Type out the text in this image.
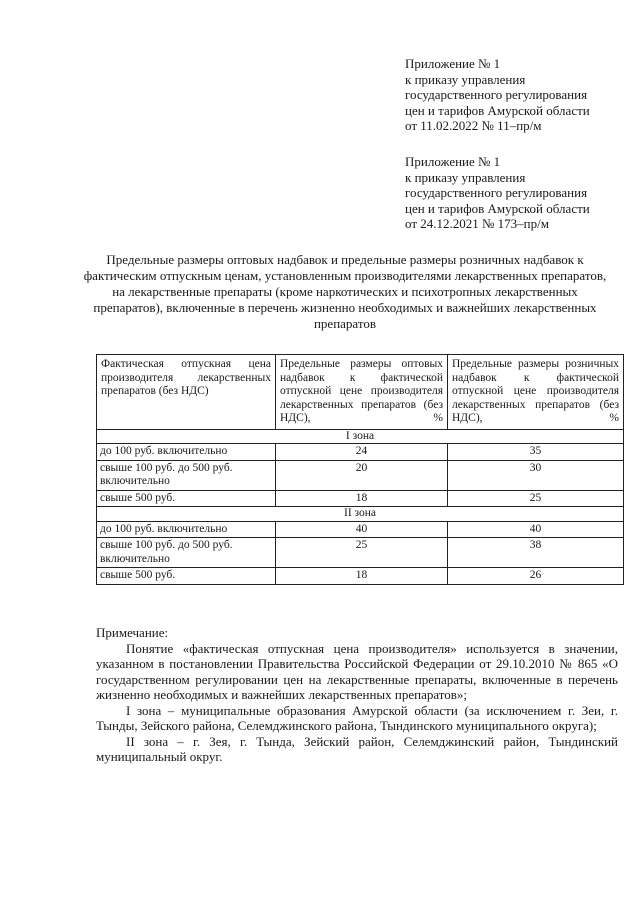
Приложение № 1
к приказу управления
государственного регулирования
цен и тарифов Амурской области
от 11.02.2022 № 11–пр/м
Приложение № 1
к приказу управления
государственного регулирования
цен и тарифов Амурской области
от 24.12.2021 № 173–пр/м
Предельные размеры оптовых надбавок и предельные размеры розничных надбавок к фактическим отпускным ценам, установленным производителями лекарственных препаратов, на лекарственные препараты (кроме наркотических и психотропных лекарственных препаратов), включенные в перечень жизненно необходимых и важнейших лекарственных препаратов
Фактическая отпускная цена производителя лекарственных препаратов (без НДС)	Предельные размеры оптовых надбавок к фактической отпускной цене производителя лекарственных препаратов (без НДС), %	Предельные размеры розничных надбавок к фактической отпускной цене производителя лекарственных препаратов (без НДС), %
I зона		
до 100 руб. включительно	24	35
свыше 100 руб. до 500 руб. включительно	20	30
свыше 500 руб.	18	25
II зона		
до 100 руб. включительно	40	40
свыше 100 руб. до 500 руб. включительно	25	38
свыше 500 руб.	18	26

Примечание:

Понятие «фактическая отпускная цена производителя» используется в значении, указанном в постановлении Правительства Российской Федерации от 29.10.2010 № 865 «О государственном регулировании цен на лекарственные препараты, включенные в перечень жизненно необходимых и важнейших лекарственных препаратов»;

I зона – муниципальные образования Амурской области (за исключением г. Зеи, г. Тынды, Зейского района, Селемджинского района, Тындинского муниципального округа);

II зона – г. Зея, г. Тында, Зейский район, Селемджинский район, Тындинский муниципальный округ.
